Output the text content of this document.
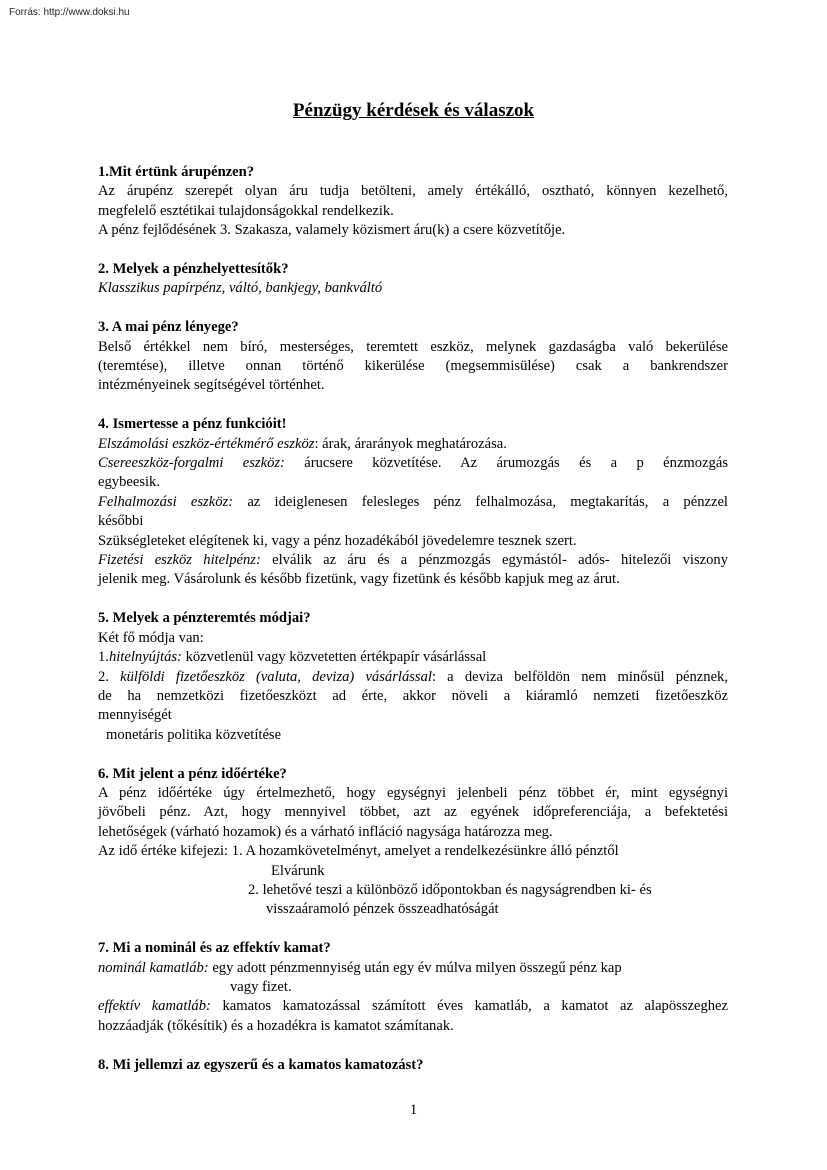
Forrás: http://www.doksi.hu
Pénzügy kérdések és válaszok
1.Mit értünk árupénzen?
Az árupénz szerepét olyan áru tudja betölteni, amely értékálló, osztható, könnyen kezelhető,
megfelelő esztétikai tulajdonságokkal rendelkezik.
A pénz fejlődésének 3. Szakasza, valamely közismert áru(k) a csere közvetítője.
2. Melyek a pénzhelyettesítők?
Klasszikus papírpénz, váltó, bankjegy, bankváltó
3. A mai pénz lényege?
Belső értékkel nem bíró, mesterséges, teremtett eszköz, melynek gazdaságba való bekerülése
(teremtése), illetve onnan történő kikerülése (megsemmisülése) csak a bankrendszer
intézményeinek segítségével történhet.
4. Ismertesse a pénz funkcióit!
Elszámolási eszköz-értékmérő eszköz: árak, árarányok meghatározása.
Csereeszköz-forgalmi eszköz: árucsere közvetítése. Az árumozgás és a p énzmozgás
egybeesik.
Felhalmozási eszköz: az ideiglenesen felesleges pénz felhalmozása, megtakarítás, a pénzzel
későbbi
Szükségleteket elégítenek ki, vagy a pénz hozadékából jövedelemre tesznek szert.
Fizetési eszköz hitelpénz: elválik az áru és a pénzmozgás egymástól- adós- hitelezői viszony
jelenik meg. Vásárolunk és később fizetünk, vagy fizetünk és később kapjuk meg az árut.
5. Melyek a pénzteremtés módjai?
Két fő módja van:
1.hitelnyújtás: közvetlenül vagy közvetetten értékpapír vásárlással
2. külföldi fizetőeszköz (valuta, deviza) vásárlással: a deviza belföldön nem minősül pénznek,
de ha nemzetközi fizetőeszközt ad érte, akkor növeli a kiáramló nemzeti fizetőeszköz
mennyiségét
monetáris politika közvetítése
6. Mit jelent a pénz időértéke?
A pénz időértéke úgy értelmezhető, hogy egységnyi jelenbeli pénz többet ér, mint egységnyi
jövőbeli pénz. Azt, hogy mennyivel többet, azt az egyének időpreferenciája, a befektetési
lehetőségek (várható hozamok) és a várható infláció nagysága határozza meg.
Az idő értéke kifejezi: 1. A hozamkövetelményt, amelyet a rendelkezésünkre álló pénztől
Elvárunk
2. lehetővé teszi a különböző időpontokban és nagyságrendben ki- és
visszaáramoló pénzek összeadhatóságát
7. Mi a nominál és az effektív kamat?
nominál kamatláb: egy adott pénzmennyiség után egy év múlva milyen összegű pénz kap
vagy fizet.
effektív kamatláb: kamatos kamatozással számított éves kamatláb, a kamatot az alapösszeghez
hozzáadják (tőkésítik) és a hozadékra is kamatot számítanak.
8. Mi jellemzi az egyszerű és a kamatos kamatozást?
1
